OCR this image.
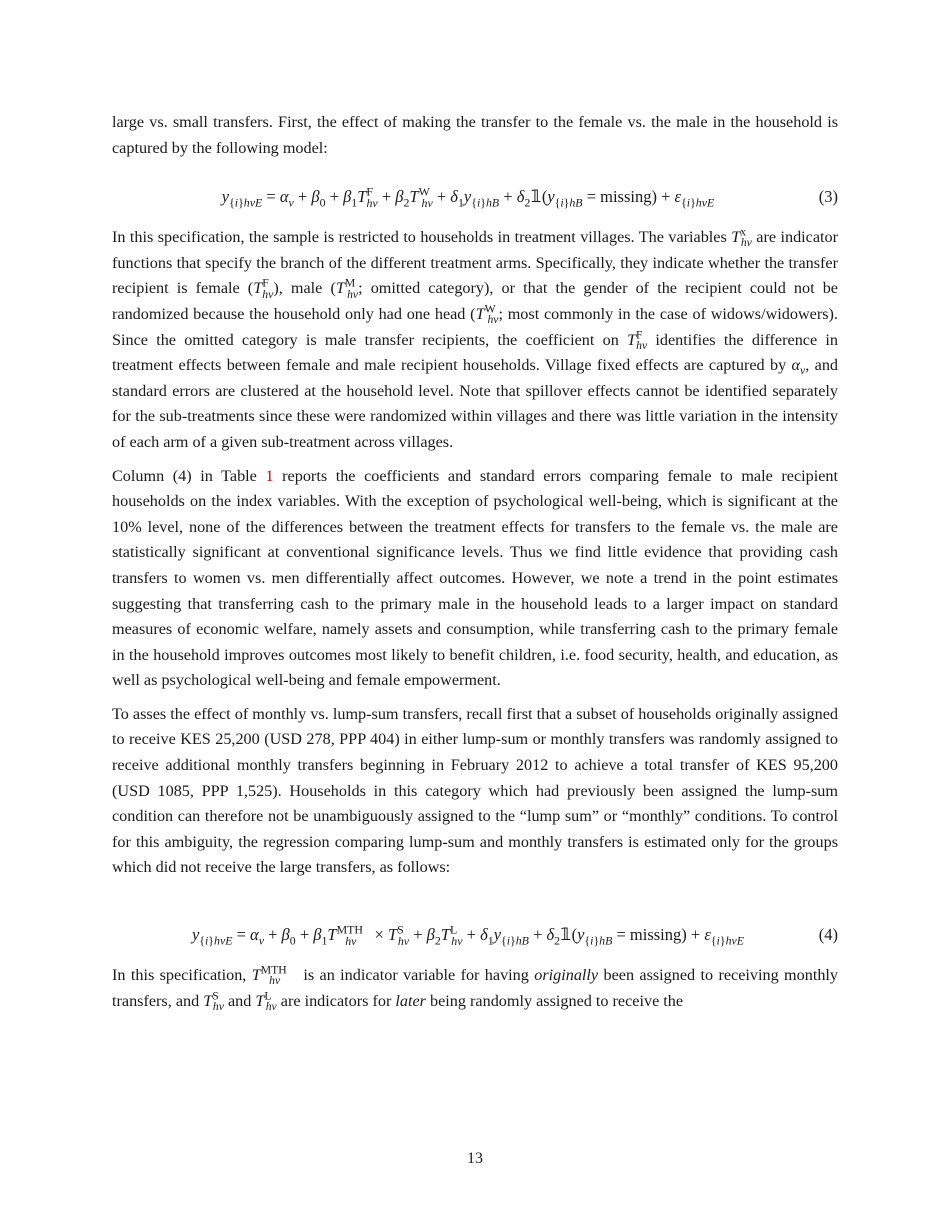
large vs. small transfers. First, the effect of making the transfer to the female vs. the male in the household is captured by the following model:

$y_{\{i\}hvE} = \alpha_v + \beta_0 + \beta_1T^F_{hv} + \beta_2T^W_{hv} + \delta_1y_{\{i\}hB}$ + $\delta_2𝟙(y_{\{i\}hB} = missing) + \varepsilon_{\{i\}hvE}$	(3)

In this specification, the sample is restricted to households in treatment villages. The variables $T^x_{hv}$ are indicator functions that specify the branch of the different treatment arms. Specifically, they indicate whether the transfer recipient is female $(T^F_{hv})$, male ($T^M_{hv}$; omitted category), or that the gender of the recipient could not be randomized because the household only had one head ($T^W_{hv}$; most commonly in the case of widows/widowers). Since the omitted category is male transfer recipients, the coefficient on $T^F_{hv}$ identifies the difference in treatment effects between female and male recipient households. Village fixed effects are captured by $\alpha_v$, and standard errors are clustered at the household level. Note that spillover effects cannot be identified separately for the sub-treatments since these were randomized within villages and there was little variation in the intensity of each arm of a given sub-treatment across villages.

Column (4) in Table 1 reports the coefficients and standard errors comparing female to male recipient households on the index variables. With the exception of psychological well-being, which is significant at the 10% level, none of the differences between the treatment effects for transfers to the female vs. the male are statistically significant at conventional significance levels. Thus we find little evidence that providing cash transfers to women vs. men differentially affect outcomes. However, we note a trend in the point estimates suggesting that transferring cash to the primary male in the household leads to a larger impact on standard measures of economic welfare, namely assets and consumption, while transferring cash to the primary female in the household improves outcomes most likely to benefit children, i.e. food security, health, and education, as well as psychological well-being and female empowerment.

To asses the effect of monthly vs. lump-sum transfers, recall first that a subset of households originally assigned to receive KES 25,200 (USD 278, PPP 404) in either lump-sum or monthly transfers was randomly assigned to receive additional monthly transfers beginning in February 2012 to achieve a total transfer of KES 95,200 (USD 1085, PPP 1,525). Households in this category which had previously been assigned the lump-sum condition can therefore not be unambiguously assigned to the “lump sum” or “monthly” conditions. To control for this ambiguity, the regression comparing lump-sum and monthly transfers is estimated only for the groups which did not receive the large transfers, as follows:

$y_{\{i\}hvE} = \alpha_v + \beta_0 + \beta_1T^{MTH}_{hv} \times T^S_{hv} + \beta_2T^L_{hv} + \delta_1y_{\{i\}hB}$ + $\delta_2𝟙(y_{\{i\}hB} = missing) + \varepsilon_{\{i\}hvE}$	(4)

In this specification, $T^{MTH}_{hv}$ is an indicator variable for having originally been assigned to receiving monthly transfers, and $T^S_{hv}$ and $T^L_{hv}$ are indicators for later being randomly assigned to receive the

13
